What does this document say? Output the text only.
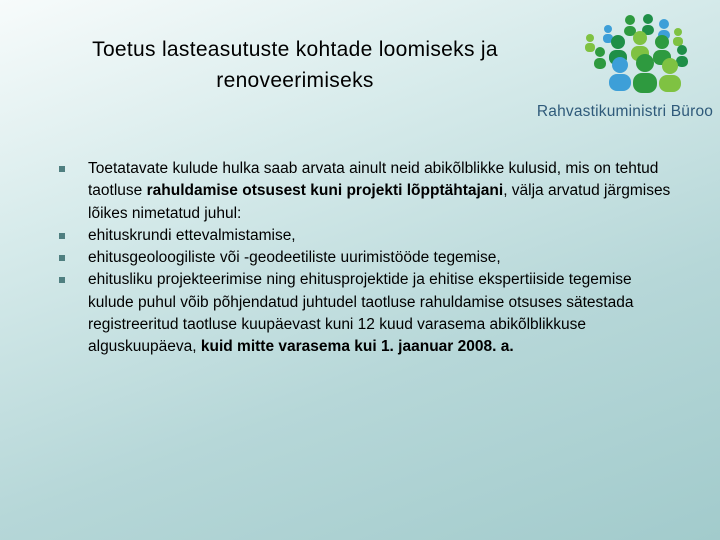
Toetus lasteasutuste kohtade loomiseks ja
renoveerimiseks
Rahvastikuministri Büroo
Toetatavate kulude hulka saab arvata ainult neid abikõlblikke kulusid, mis on tehtud taotluse rahuldamise otsusest kuni projekti lõpptähtajani, välja arvatud järgmises lõikes nimetatud juhul:
ehituskrundi ettevalmistamise,
ehitusgeoloogiliste või -geodeetiliste uurimistööde tegemise,
ehitusliku projekteerimise ning ehitusprojektide ja ehitise ekspertiiside tegemise kulude puhul võib põhjendatud juhtudel taotluse rahuldamise otsuses sätestada registreeritud taotluse kuupäevast kuni 12 kuud varasema abikõlblikkuse alguskuupäeva, kuid mitte varasema kui 1. jaanuar 2008. a.
